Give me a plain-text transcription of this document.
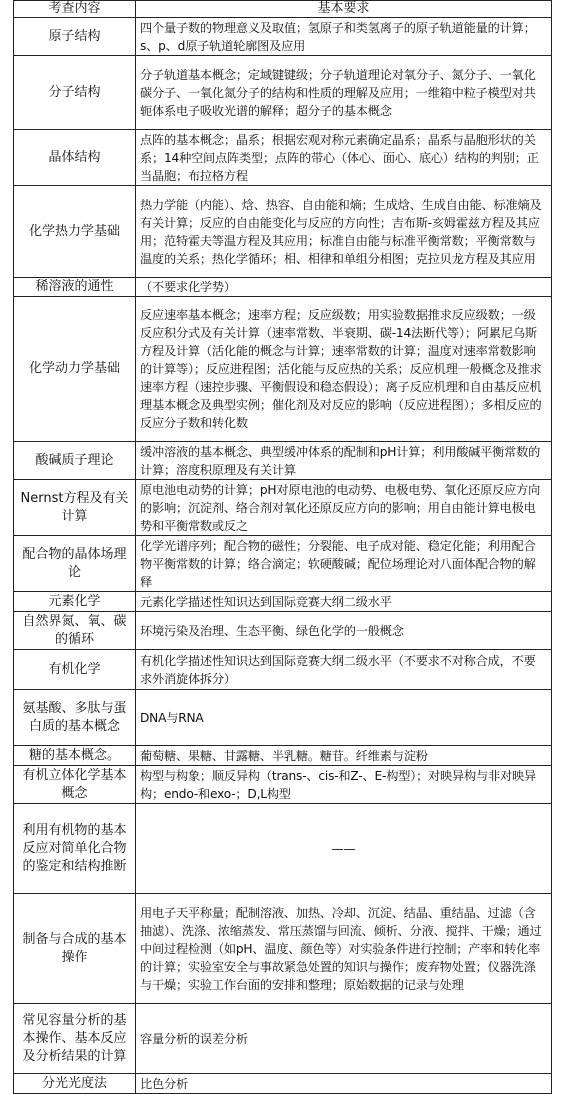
考查内容	基本要求
原子结构	四个量子数的物理意义及取值；氢原子和类氢离子的原子轨道能量的计算；s、p、d原子轨道轮廓图及应用
分子结构	分子轨道基本概念；定域键键级；分子轨道理论对氧分子、氮分子、一氧化碳分子、一氧化氮分子的结构和性质的理解及应用；一维箱中粒子模型对共轭体系电子吸收光谱的解释；超分子的基本概念
晶体结构	点阵的基本概念；晶系；根据宏观对称元素确定晶系；晶系与晶胞形状的关系；14种空间点阵类型；点阵的带心（体心、面心、底心）结构的判别；正当晶胞；布拉格方程
化学热力学基础	热力学能（内能）、焓、热容、自由能和熵；生成焓、生成自由能、标准熵及有关计算；反应的自由能变化与反应的方向性；吉布斯-亥姆霍兹方程及其应用；范特霍夫等温方程及其应用；标准自由能与标准平衡常数；平衡常数与温度的关系；热化学循环；相、相律和单组分相图；克拉贝龙方程及其应用
稀溶液的通性	（不要求化学势）
化学动力学基础	反应速率基本概念；速率方程；反应级数；用实验数据推求反应级数；一级反应积分式及有关计算（速率常数、半衰期、碳-14法断代等）；阿累尼乌斯方程及计算（活化能的概念与计算；速率常数的计算；温度对速率常数影响的计算等）；反应进程图；活化能与反应热的关系；反应机理一般概念及推求速率方程（速控步骤、平衡假设和稳态假设）；离子反应机理和自由基反应机理基本概念及典型实例；催化剂及对反应的影响（反应进程图）；多相反应的反应分子数和转化数
酸碱质子理论	缓冲溶液的基本概念、典型缓冲体系的配制和pH计算；利用酸碱平衡常数的计算；溶度积原理及有关计算
Nernst方程及有关计算	原电池电动势的计算；pH对原电池的电动势、电极电势、氧化还原反应方向的影响；沉淀剂、络合剂对氧化还原反应方向的影响；用自由能计算电极电势和平衡常数或反之
配合物的晶体场理论	化学光谱序列；配合物的磁性；分裂能、电子成对能、稳定化能；利用配合物平衡常数的计算；络合滴定；软硬酸碱；配位场理论对八面体配合物的解释
元素化学	元素化学描述性知识达到国际竞赛大纲二级水平
自然界氮、氧、碳的循环	环境污染及治理、生态平衡、绿色化学的一般概念
有机化学	有机化学描述性知识达到国际竞赛大纲二级水平（不要求不对称合成，不要求外消旋体拆分）
氨基酸、多肽与蛋白质的基本概念	DNA与RNA
糖的基本概念。	葡萄糖、果糖、甘露糖、半乳糖。糖苷。纤维素与淀粉
有机立体化学基本概念	构型与构象；顺反异构（trans-、cis-和Z-、E-构型）；对映异构与非对映异构；endo-和exo-；D,L构型
利用有机物的基本反应对简单化合物的鉴定和结构推断	——
制备与合成的基本操作	用电子天平称量；配制溶液、加热、冷却、沉淀、结晶、重结晶、过滤（含抽滤）、洗涤、浓缩蒸发、常压蒸馏与回流、倾析、分液、搅拌、干燥；通过中间过程检测（如pH、温度、颜色等）对实验条件进行控制；产率和转化率的计算；实验室安全与事故紧急处置的知识与操作；废弃物处置；仪器洗涤与干燥；实验工作台面的安排和整理；原始数据的记录与处理
常见容量分析的基本操作、基本反应及分析结果的计算	容量分析的误差分析
分光光度法	比色分析
